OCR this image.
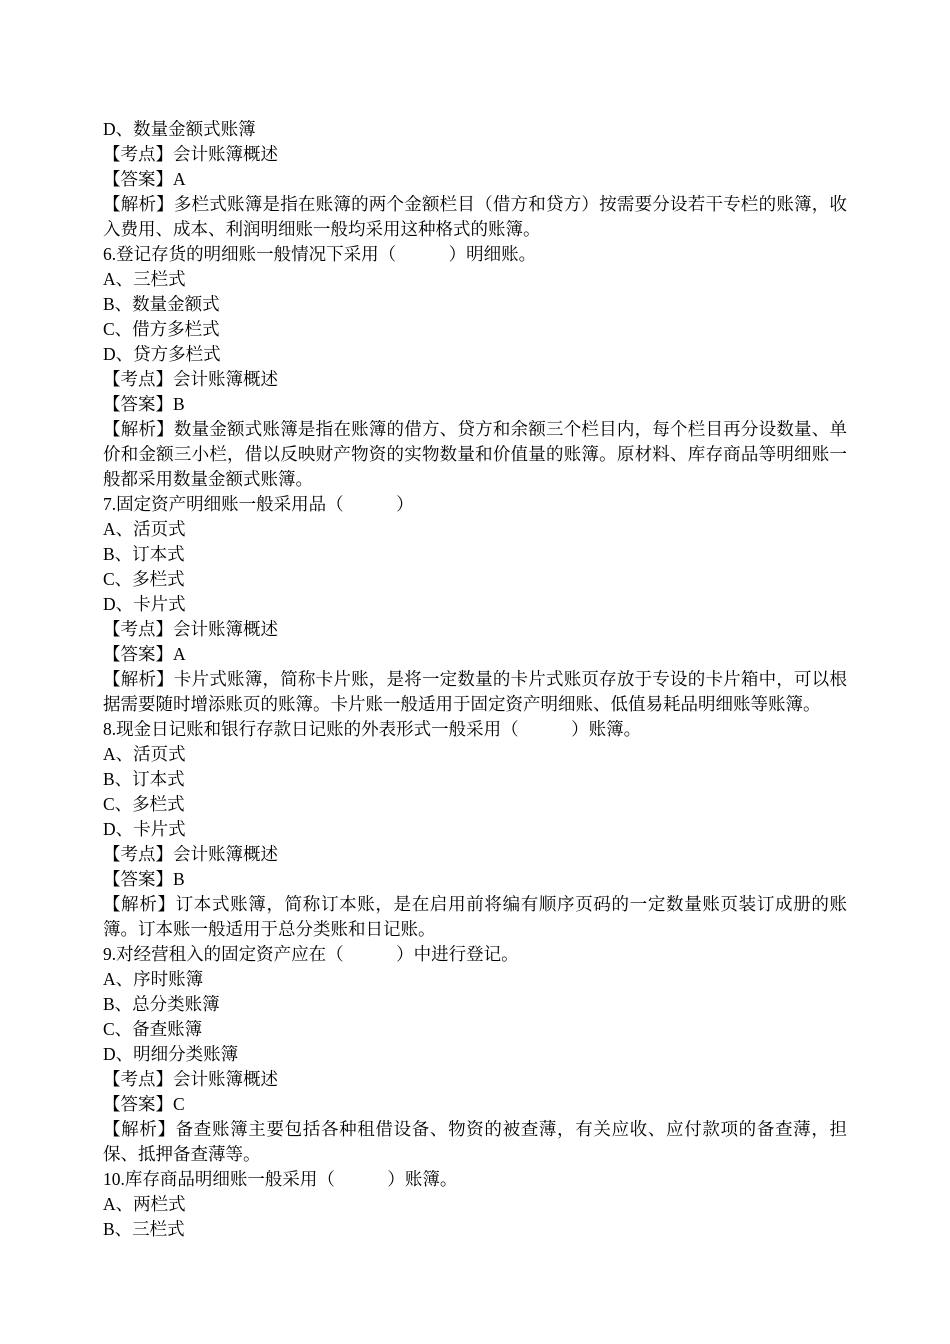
D、数量金额式账簿
【考点】会计账簿概述
【答案】A
【解析】多栏式账簿是指在账簿的两个金额栏目（借方和贷方）按需要分设若干专栏的账簿，收入费用、成本、利润明细账一般均采用这种格式的账簿。
6.登记存货的明细账一般情况下采用（　　　）明细账。
A、三栏式
B、数量金额式
C、借方多栏式
D、贷方多栏式
【考点】会计账簿概述
【答案】B
【解析】数量金额式账簿是指在账簿的借方、贷方和余额三个栏目内，每个栏目再分设数量、单价和金额三小栏，借以反映财产物资的实物数量和价值量的账簿。原材料、库存商品等明细账一般都采用数量金额式账簿。
7.固定资产明细账一般采用品（　　　）
A、活页式
B、订本式
C、多栏式
D、卡片式
【考点】会计账簿概述
【答案】A
【解析】卡片式账簿，简称卡片账，是将一定数量的卡片式账页存放于专设的卡片箱中，可以根据需要随时增添账页的账簿。卡片账一般适用于固定资产明细账、低值易耗品明细账等账簿。
8.现金日记账和银行存款日记账的外表形式一般采用（　　　）账簿。
A、活页式
B、订本式
C、多栏式
D、卡片式
【考点】会计账簿概述
【答案】B
【解析】订本式账簿，简称订本账，是在启用前将编有顺序页码的一定数量账页装订成册的账簿。订本账一般适用于总分类账和日记账。
9.对经营租入的固定资产应在（　　　）中进行登记。
A、序时账簿
B、总分类账簿
C、备查账簿
D、明细分类账簿
【考点】会计账簿概述
【答案】C
【解析】备查账簿主要包括各种租借设备、物资的被查薄，有关应收、应付款项的备查薄，担保、抵押备查薄等。
10.库存商品明细账一般采用（　　　）账簿。
A、两栏式
B、三栏式
